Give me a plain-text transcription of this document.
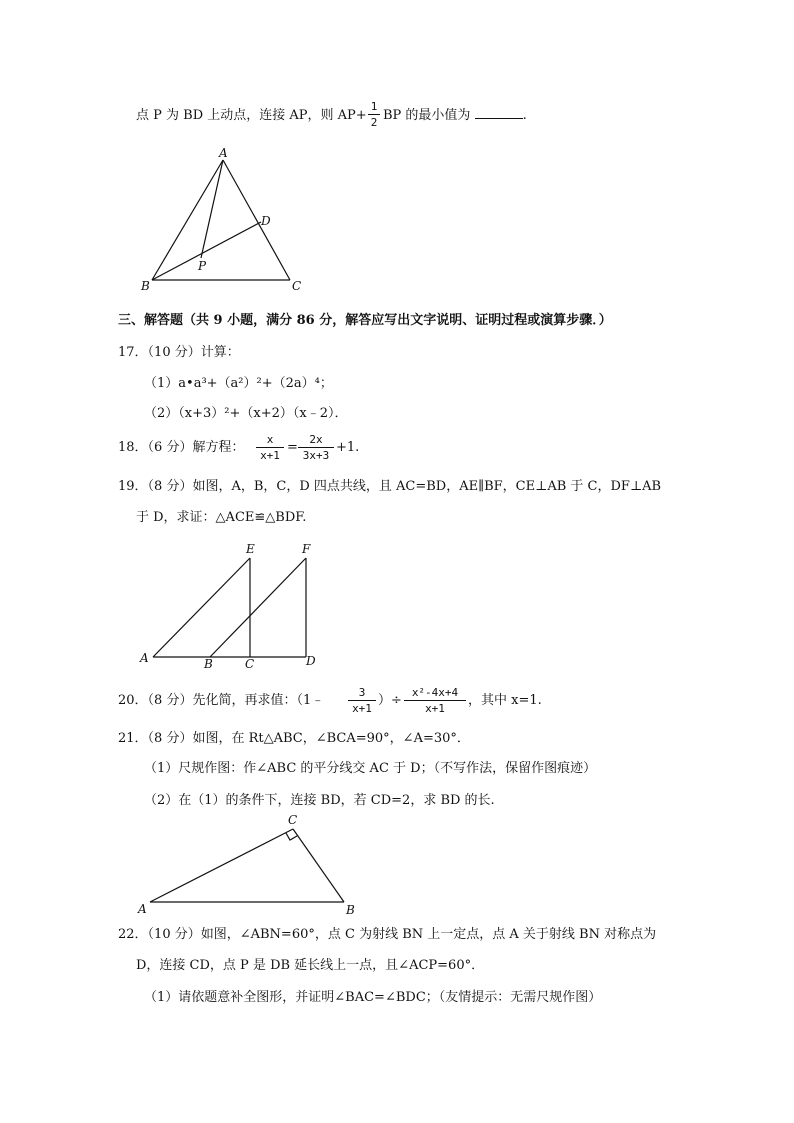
点 P 为 BD 上动点，连接 AP，则 AP+
1
2 BP 的最小值为	.
A
B	C
D
P
三、解答题（共 9 小题，满分 86 分，解答应写出文字说明、证明过程或演算步骤．）
17．（10 分）计算：
（1）a•a³+（a²）²+（2a）⁴；
（2）（x+3）²+（x+2）（x﹣2）．
18．（6 分）解方程：
x
x+1
=
2x
3x+3
+1.
19．（8 分）如图，A，B，C，D 四点共线，且 AC=BD，AE∥BF，CE⊥AB 于 C，DF⊥AB
于 D，求证：△ACE≌△BDF.
A	B	C	D
E	F
20．（8 分）先化简，再求值：（1﹣
3
x+1
）÷
x²-4x+4
x+1
，其中 x=1.
21．（8 分）如图，在 Rt△ABC，∠BCA=90°，∠A=30°．
（1）尺规作图：作∠ABC 的平分线交 AC 于 D；（不写作法，保留作图痕迹）
（2）在（1）的条件下，连接 BD，若 CD=2，求 BD 的长.
A	B
C
22．（10 分）如图，∠ABN=60°，点 C 为射线 BN 上一定点，点 A 关于射线 BN 对称点为
D，连接 CD，点 P 是 DB 延长线上一点，且∠ACP=60°．
（1）请依题意补全图形，并证明∠BAC=∠BDC；（友情提示：无需尺规作图）
